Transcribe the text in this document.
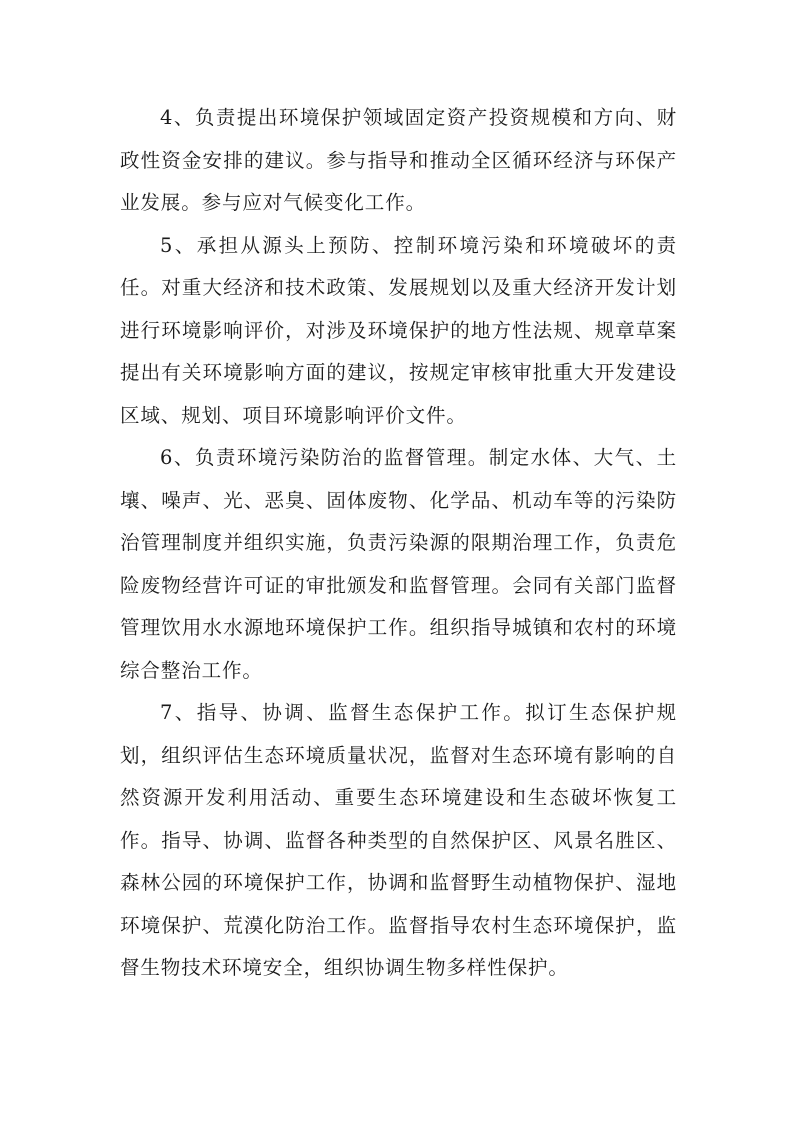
4、负责提出环境保护领域固定资产投资规模和方向、财政性资金安排的建议。参与指导和推动全区循环经济与环保产业发展。参与应对气候变化工作。

5、承担从源头上预防、控制环境污染和环境破坏的责任。对重大经济和技术政策、发展规划以及重大经济开发计划进行环境影响评价，对涉及环境保护的地方性法规、规章草案提出有关环境影响方面的建议，按规定审核审批重大开发建设区域、规划、项目环境影响评价文件。

6、负责环境污染防治的监督管理。制定水体、大气、土壤、噪声、光、恶臭、固体废物、化学品、机动车等的污染防治管理制度并组织实施，负责污染源的限期治理工作，负责危险废物经营许可证的审批颁发和监督管理。会同有关部门监督管理饮用水水源地环境保护工作。组织指导城镇和农村的环境综合整治工作。

7、指导、协调、监督生态保护工作。拟订生态保护规划，组织评估生态环境质量状况，监督对生态环境有影响的自然资源开发利用活动、重要生态环境建设和生态破坏恢复工作。指导、协调、监督各种类型的自然保护区、风景名胜区、森林公园的环境保护工作，协调和监督野生动植物保护、湿地环境保护、荒漠化防治工作。监督指导农村生态环境保护，监督生物技术环境安全，组织协调生物多样性保护。
